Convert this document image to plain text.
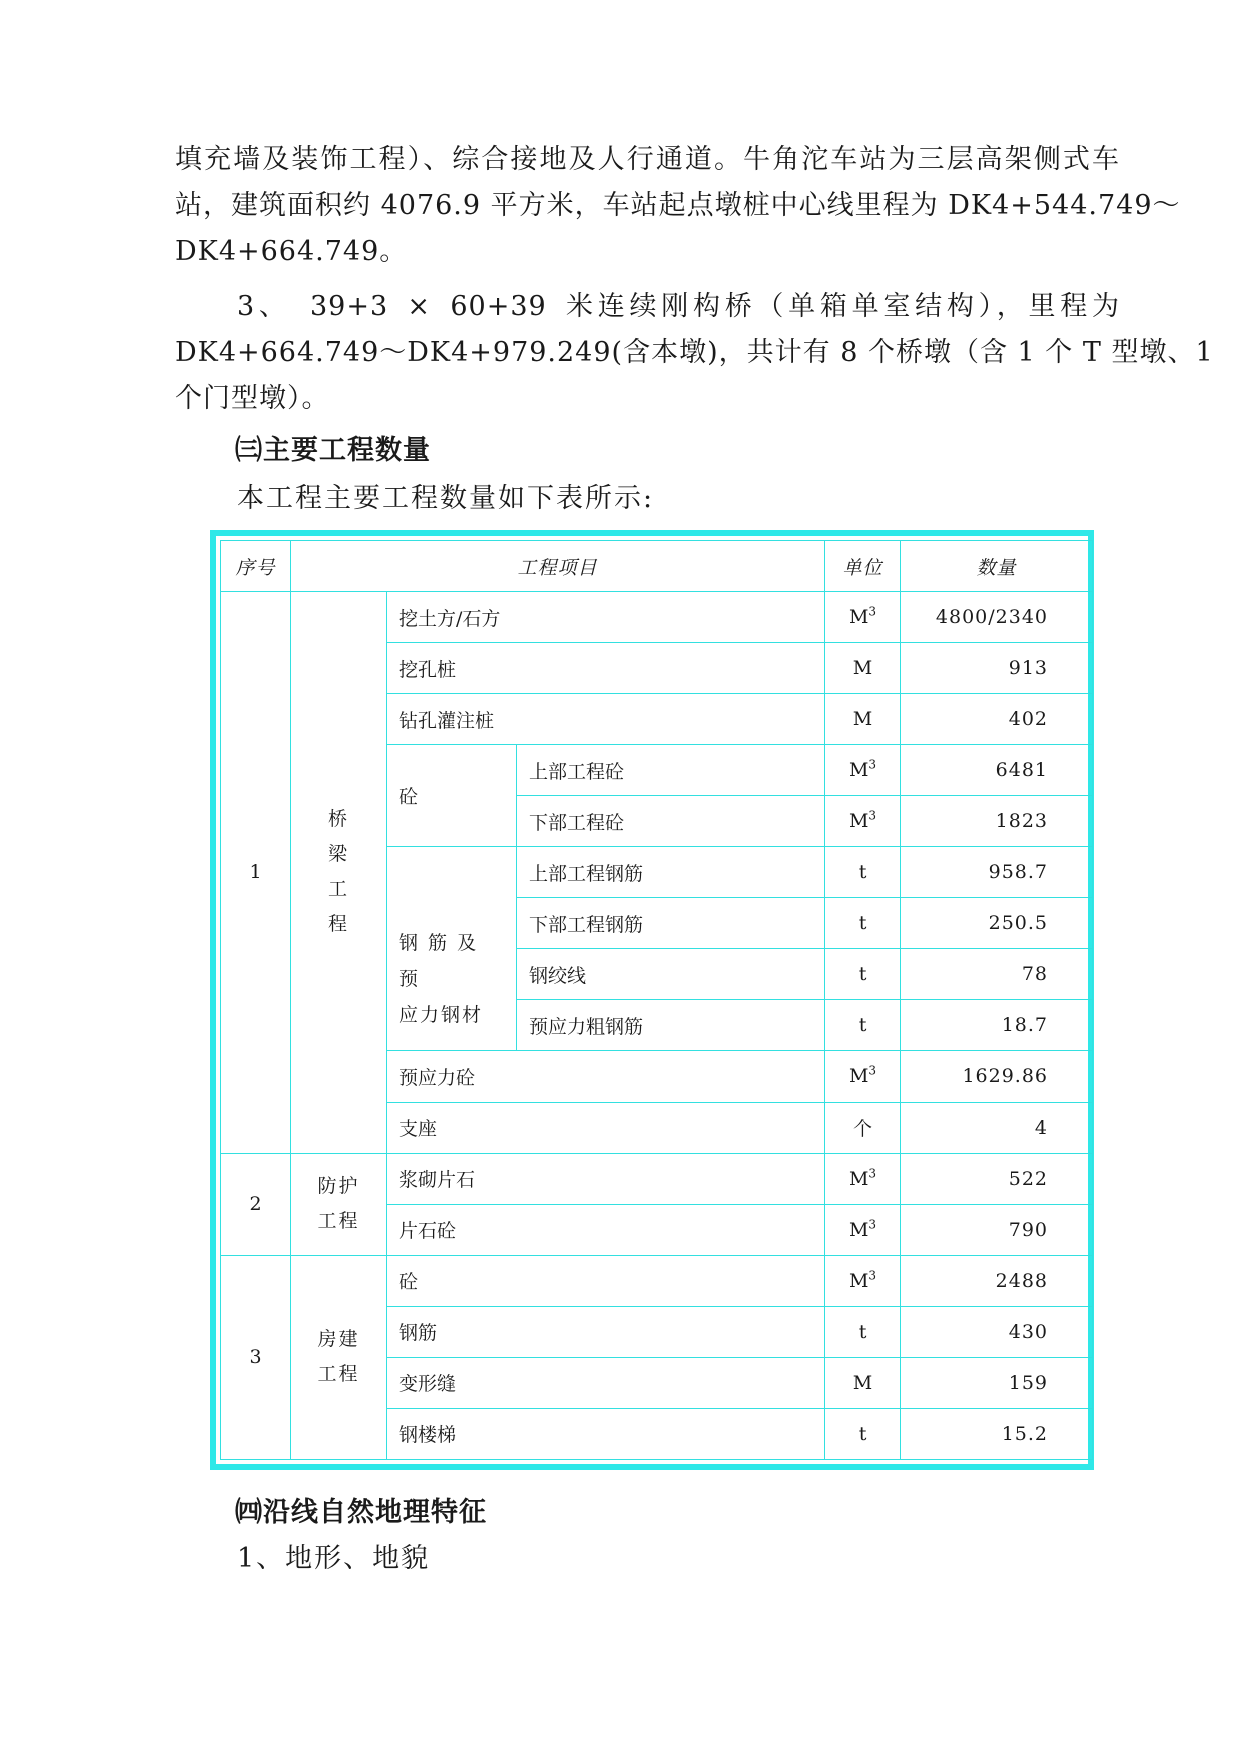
填充墙及装饰工程）、综合接地及人行通道。牛角沱车站为三层高架侧式车
站，建筑面积约 4076.9 平方米，车站起点墩桩中心线里程为 DK4+544.749～
DK4+664.749。
3、 39+3 × 60+39 米连续刚构桥（单箱单室结构），里程为
DK4+664.749～DK4+979.249(含本墩)，共计有 8 个桥墩（含 1 个 T 型墩、1
个门型墩）。
㈢主要工程数量
本工程主要工程数量如下表所示:
序号	工程项目			单位	数量
1	桥
梁
工
程	挖土方/石方		$M^3$	4800/2340
		挖孔桩		M	913
		钻孔灌注桩		M	402
		砼	上部工程砼	$M^3$	6481
			下部工程砼	$M^3$	1823
		钢 筋 及 预
应力钢材	上部工程钢筋	t	958.7
			下部工程钢筋	t	250.5
			钢绞线	t	78
			预应力粗钢筋	t	18.7
		预应力砼		$M^3$	1629.86
		支座		个	4
2	防护
工程	浆砌片石		$M^3$	522
		片石砼		$M^3$	790
3	房建
工程	砼		$M^3$	2488
		钢筋		t	430
		变形缝		M	159
		钢楼梯		t	15.2
㈣沿线自然地理特征
1、地形、地貌
